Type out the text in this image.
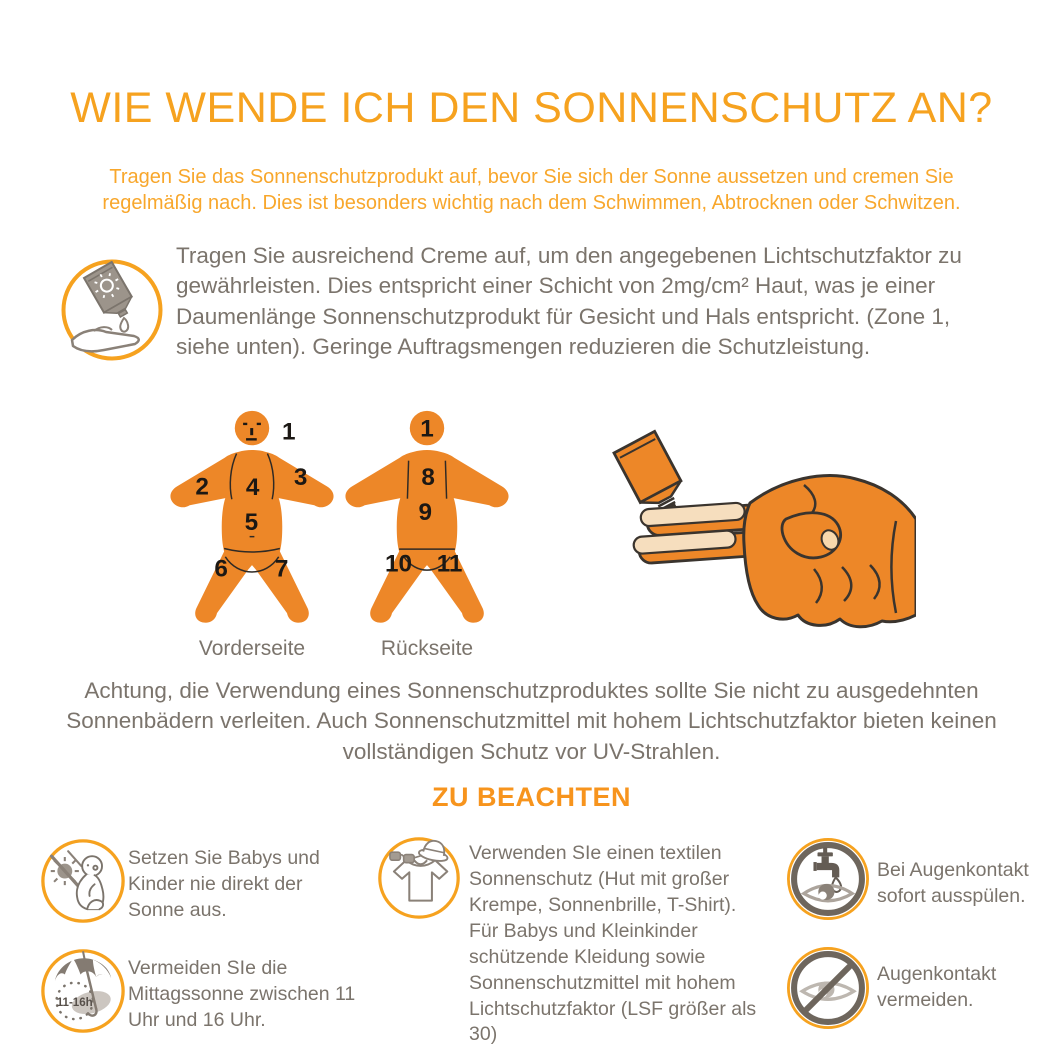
WIE WENDE ICH DEN SONNENSCHUTZ AN?

Tragen Sie das Sonnenschutzprodukt auf, bevor Sie sich der Sonne aussetzen und cremen Sie regelmäßig nach. Dies ist besonders wichtig nach dem Schwimmen, Abtrocknen oder Schwitzen.

Tragen Sie ausreichend Creme auf, um den angegebenen Lichtschutzfaktor zu gewährleisten. Dies entspricht einer Schicht von 2mg/cm² Haut, was je einer Daumenlänge Sonnenschutzprodukt für Gesicht und Hals entspricht. (Zone 1, siehe unten). Geringe Auftragsmengen reduzieren die Schutzleistung.

1
2 3
4
5
6 7
1
8
9
10 11
Vorderseite	Rückseite

Achtung, die Verwendung eines Sonnenschutzproduktes sollte Sie nicht zu ausgedehnten Sonnenbädern verleiten. Auch Sonnenschutzmittel mit hohem Lichtschutzfaktor bieten keinen vollständigen Schutz vor UV-Strahlen.

ZU BEACHTEN

Setzen Sie Babys und Kinder nie direkt der Sonne aus.

11-16h

Vermeiden SIe die Mittagssonne zwischen 11 Uhr und 16 Uhr.

Verwenden SIe einen textilen Sonnenschutz (Hut mit großer Krempe, Sonnenbrille, T-Shirt). Für Babys und Kleinkinder schützende Kleidung sowie Sonnenschutzmittel mit hohem Lichtschutzfaktor (LSF größer als 30)

Bei Augenkontakt sofort ausspülen.

Augenkontakt vermeiden.
